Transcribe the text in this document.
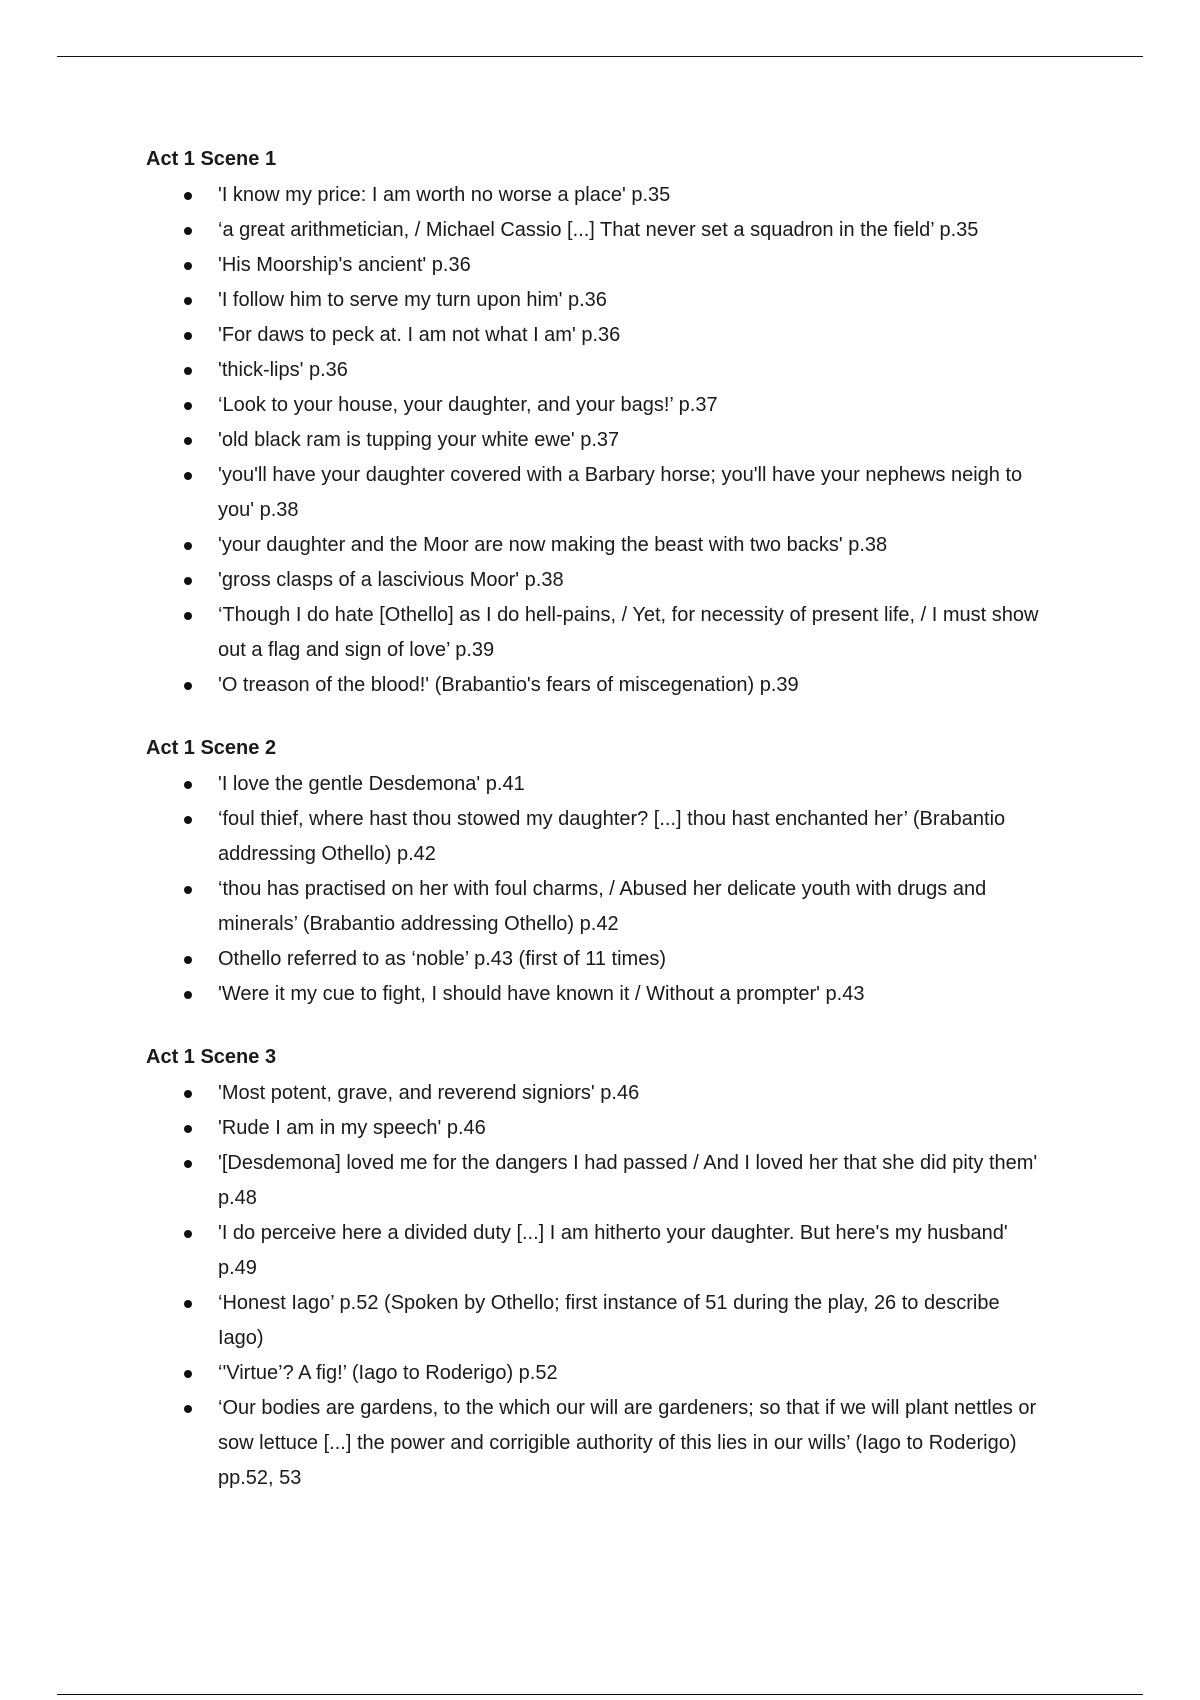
Act 1 Scene 1
'I know my price: I am worth no worse a place' p.35
‘a great arithmetician, / Michael Cassio [...] That never set a squadron in the field’ p.35
'His Moorship's ancient' p.36
'I follow him to serve my turn upon him' p.36
'For daws to peck at. I am not what I am' p.36
'thick-lips' p.36
‘Look to your house, your daughter, and your bags!’ p.37
'old black ram is tupping your white ewe' p.37
'you'll have your daughter covered with a Barbary horse; you'll have your nephews neigh to you' p.38
'your daughter and the Moor are now making the beast with two backs' p.38
'gross clasps of a lascivious Moor' p.38
‘Though I do hate [Othello] as I do hell-pains, / Yet, for necessity of present life, / I must show out a flag and sign of love’ p.39
'O treason of the blood!' (Brabantio's fears of miscegenation) p.39
Act 1 Scene 2
'I love the gentle Desdemona' p.41
‘foul thief, where hast thou stowed my daughter? [...] thou hast enchanted her’ (Brabantio addressing Othello) p.42
‘thou has practised on her with foul charms, / Abused her delicate youth with drugs and minerals’ (Brabantio addressing Othello) p.42
Othello referred to as ‘noble’ p.43 (first of 11 times)
'Were it my cue to fight, I should have known it / Without a prompter' p.43
Act 1 Scene 3
'Most potent, grave, and reverend signiors' p.46
'Rude I am in my speech' p.46
'[Desdemona] loved me for the dangers I had passed / And I loved her that she did pity them' p.48
'I do perceive here a divided duty [...] I am hitherto your daughter. But here's my husband' p.49
‘Honest Iago’ p.52 (Spoken by Othello; first instance of 51 during the play, 26 to describe Iago)
‘'Virtue’? A fig!’ (Iago to Roderigo) p.52
‘Our bodies are gardens, to the which our will are gardeners; so that if we will plant nettles or sow lettuce [...] the power and corrigible authority of this lies in our wills’ (Iago to Roderigo) pp.52, 53
